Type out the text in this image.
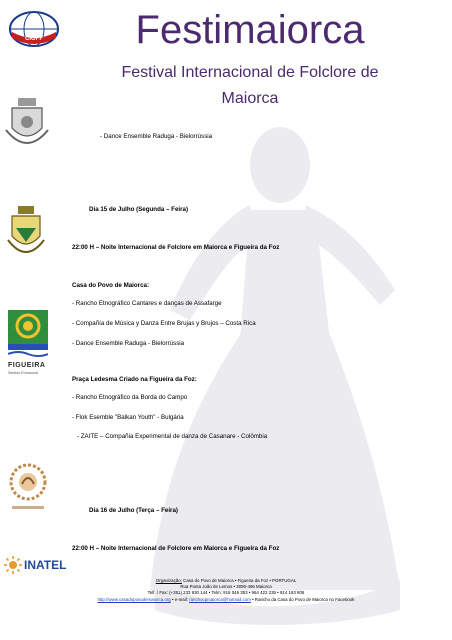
Festimaiorca
Festival Internacional de Folclore de
Maiorca
CIOFF
FIGUEIRA
Sentido Emocional
INATEL
- Dance Ensemble Raduga - Bielorrússia
Dia 15 de Julho (Segunda – Feira)
22:00 H – Noite Internacional de Folclore em Maiorca e Figueira da Foz
Casa do Povo de Maiorca:
- Rancho Etnográfico Cantares e danças de Assafarge
- Compañía de Música y Danza Entre Brujas y Brujos – Costa Rica
- Dance Ensemble Raduga - Bielorrússia
Praça Ledesma Criado na Figueira da Foz:
- Rancho Etnográfico da Borda do Campo
- Flok Esemble "Balkan Youth" - Bulgária
- ZAITE – Compañia Experimental de danza de Casanare - Colômbia
Dia 16 de Julho (Terça – Feira)
22:00 H – Noite Internacional de Folclore em Maiorca e Figueira da Foz
Organização: Casa do Povo de Maiorca • Figueira da Foz • PORTUGAL
Rua Poeta João de Lemos • 3090-466 Maiorca
Telf. / Fax: (+351) 233 930 144 • Telm: 916 046 353 • 964 422 235 • 914 193 806
http://www.casadopovodemaiorca.org • e-mail: ranchocpmaiorca@hotmail.com • Rancho da Casa do Povo de Maiorca no Facebook
